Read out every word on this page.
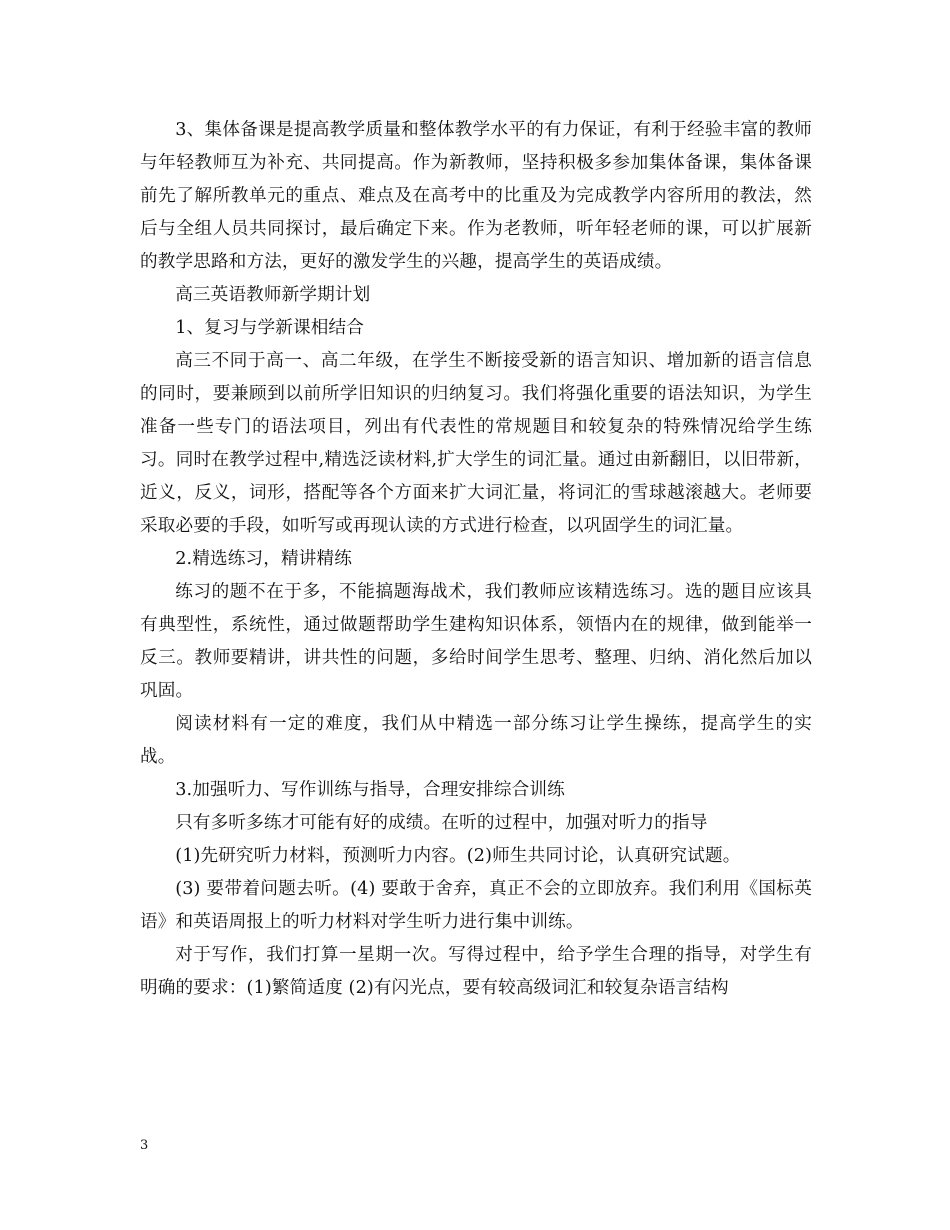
3、集体备课是提高教学质量和整体教学水平的有力保证，有利于经验丰富的教师与年轻教师互为补充、共同提高。作为新教师，坚持积极多参加集体备课，集体备课前先了解所教单元的重点、难点及在高考中的比重及为完成教学内容所用的教法，然后与全组人员共同探讨，最后确定下来。作为老教师，听年轻老师的课，可以扩展新的教学思路和方法，更好的激发学生的兴趣，提高学生的英语成绩。

高三英语教师新学期计划

1、复习与学新课相结合

高三不同于高一、高二年级，在学生不断接受新的语言知识、增加新的语言信息的同时，要兼顾到以前所学旧知识的归纳复习。我们将强化重要的语法知识，为学生准备一些专门的语法项目，列出有代表性的常规题目和较复杂的特殊情况给学生练习。同时在教学过程中,精选泛读材料,扩大学生的词汇量。通过由新翻旧，以旧带新，近义，反义，词形，搭配等各个方面来扩大词汇量，将词汇的雪球越滚越大。老师要采取必要的手段，如听写或再现认读的方式进行检查，以巩固学生的词汇量。

2.精选练习，精讲精练

练习的题不在于多，不能搞题海战术，我们教师应该精选练习。选的题目应该具有典型性，系统性，通过做题帮助学生建构知识体系，领悟内在的规律，做到能举一反三。教师要精讲，讲共性的问题，多给时间学生思考、整理、归纳、消化然后加以巩固。

阅读材料有一定的难度，我们从中精选一部分练习让学生操练，提高学生的实战。

3.加强听力、写作训练与指导，合理安排综合训练

只有多听多练才可能有好的成绩。在听的过程中，加强对听力的指导

(1)先研究听力材料，预测听力内容。(2)师生共同讨论，认真研究试题。

(3) 要带着问题去听。(4) 要敢于舍弃，真正不会的立即放弃。我们利用《国标英语》和英语周报上的听力材料对学生听力进行集中训练。

对于写作，我们打算一星期一次。写得过程中，给予学生合理的指导，对学生有明确的要求：(1)繁简适度 (2)有闪光点，要有较高级词汇和较复杂语言结构

3
